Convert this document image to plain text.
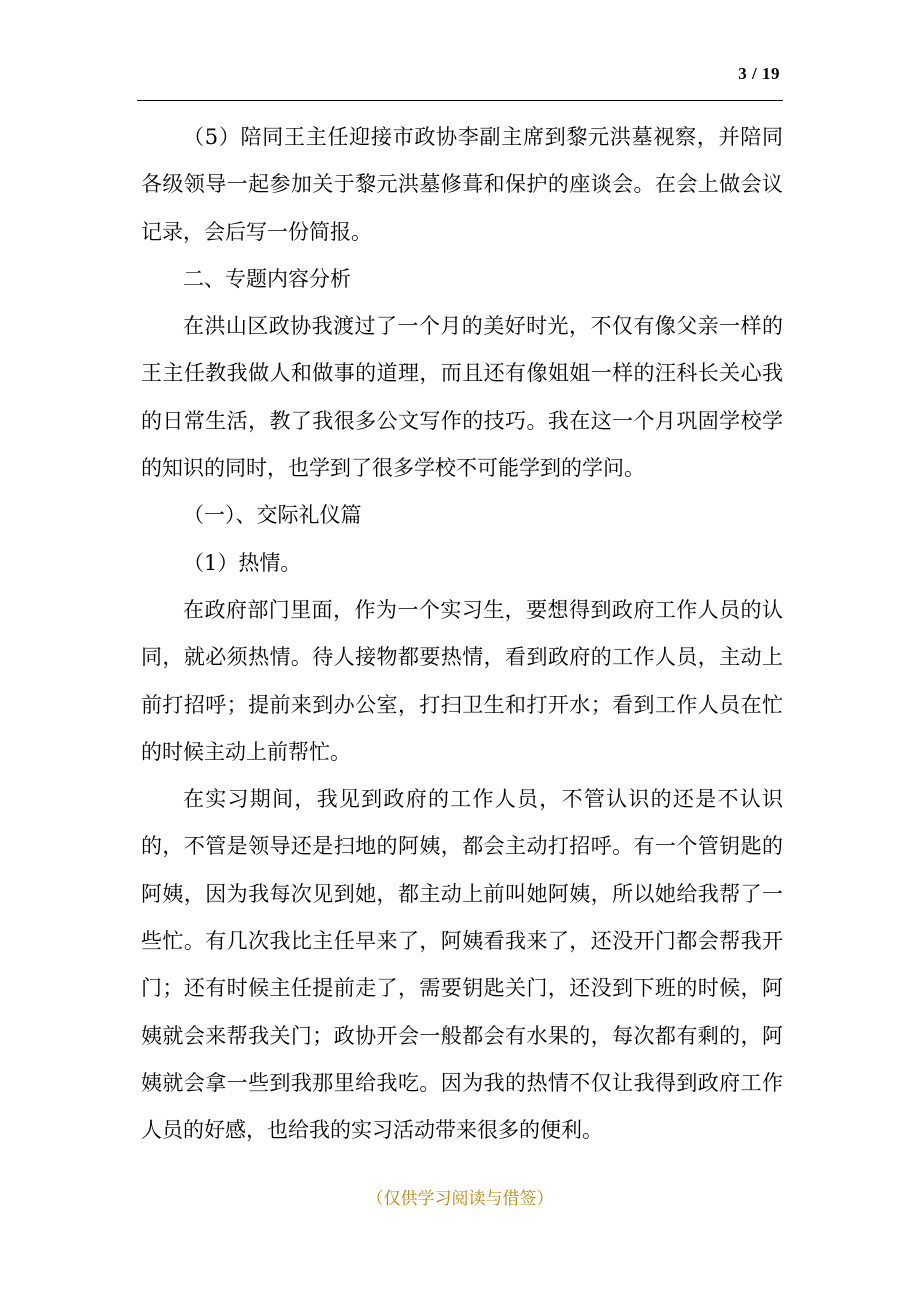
3 / 19

（5）陪同王主任迎接市政协李副主席到黎元洪墓视察，并陪同各级领导一起参加关于黎元洪墓修葺和保护的座谈会。在会上做会议记录，会后写一份简报。

二、专题内容分析

在洪山区政协我渡过了一个月的美好时光，不仅有像父亲一样的王主任教我做人和做事的道理，而且还有像姐姐一样的汪科长关心我的日常生活，教了我很多公文写作的技巧。我在这一个月巩固学校学的知识的同时，也学到了很多学校不可能学到的学问。

（一）、交际礼仪篇

（1）热情。

在政府部门里面，作为一个实习生，要想得到政府工作人员的认同，就必须热情。待人接物都要热情，看到政府的工作人员，主动上前打招呼；提前来到办公室，打扫卫生和打开水；看到工作人员在忙的时候主动上前帮忙。

在实习期间，我见到政府的工作人员，不管认识的还是不认识的，不管是领导还是扫地的阿姨，都会主动打招呼。有一个管钥匙的阿姨，因为我每次见到她，都主动上前叫她阿姨，所以她给我帮了一些忙。有几次我比主任早来了，阿姨看我来了，还没开门都会帮我开门；还有时候主任提前走了，需要钥匙关门，还没到下班的时候，阿姨就会来帮我关门；政协开会一般都会有水果的，每次都有剩的，阿姨就会拿一些到我那里给我吃。因为我的热情不仅让我得到政府工作人员的好感，也给我的实习活动带来很多的便利。

（仅供学习阅读与借签）
